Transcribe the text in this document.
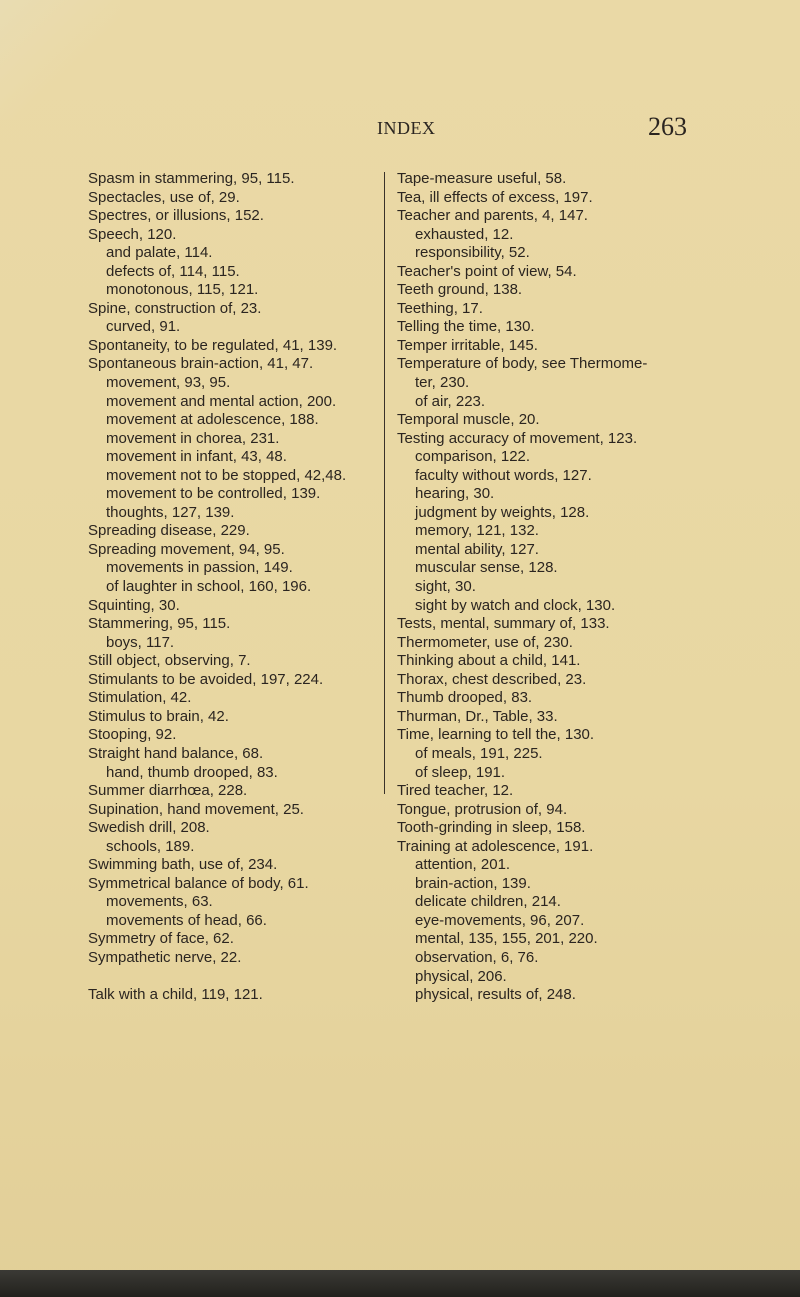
INDEX	263
Spasm in stammering, 95, 115.
Spectacles, use of, 29.
Spectres, or illusions, 152.
Speech, 120.
and palate, 114.
defects of, 114, 115.
monotonous, 115, 121.
Spine, construction of, 23.
curved, 91.
Spontaneity, to be regulated, 41, 139.
Spontaneous brain-action, 41, 47.
movement, 93, 95.
movement and mental action, 200.
movement at adolescence, 188.
movement in chorea, 231.
movement in infant, 43, 48.
movement not to be stopped, 42,48.
movement to be controlled, 139.
thoughts, 127, 139.
Spreading disease, 229.
Spreading movement, 94, 95.
movements in passion, 149.
of laughter in school, 160, 196.
Squinting, 30.
Stammering, 95, 115.
boys, 117.
Still object, observing, 7.
Stimulants to be avoided, 197, 224.
Stimulation, 42.
Stimulus to brain, 42.
Stooping, 92.
Straight hand balance, 68.
hand, thumb drooped, 83.
Summer diarrhœa, 228.
Supination, hand movement, 25.
Swedish drill, 208.
schools, 189.
Swimming bath, use of, 234.
Symmetrical balance of body, 61.
movements, 63.
movements of head, 66.
Symmetry of face, 62.
Sympathetic nerve, 22.
Talk with a child, 119, 121.
Tape-measure useful, 58.
Tea, ill effects of excess, 197.
Teacher and parents, 4, 147.
exhausted, 12.
responsibility, 52.
Teacher's point of view, 54.
Teeth ground, 138.
Teething, 17.
Telling the time, 130.
Temper irritable, 145.
Temperature of body, see Thermome-
ter, 230.
of air, 223.
Temporal muscle, 20.
Testing accuracy of movement, 123.
comparison, 122.
faculty without words, 127.
hearing, 30.
judgment by weights, 128.
memory, 121, 132.
mental ability, 127.
muscular sense, 128.
sight, 30.
sight by watch and clock, 130.
Tests, mental, summary of, 133.
Thermometer, use of, 230.
Thinking about a child, 141.
Thorax, chest described, 23.
Thumb drooped, 83.
Thurman, Dr., Table, 33.
Time, learning to tell the, 130.
of meals, 191, 225.
of sleep, 191.
Tired teacher, 12.
Tongue, protrusion of, 94.
Tooth-grinding in sleep, 158.
Training at adolescence, 191.
attention, 201.
brain-action, 139.
delicate children, 214.
eye-movements, 96, 207.
mental, 135, 155, 201, 220.
observation, 6, 76.
physical, 206.
physical, results of, 248.
